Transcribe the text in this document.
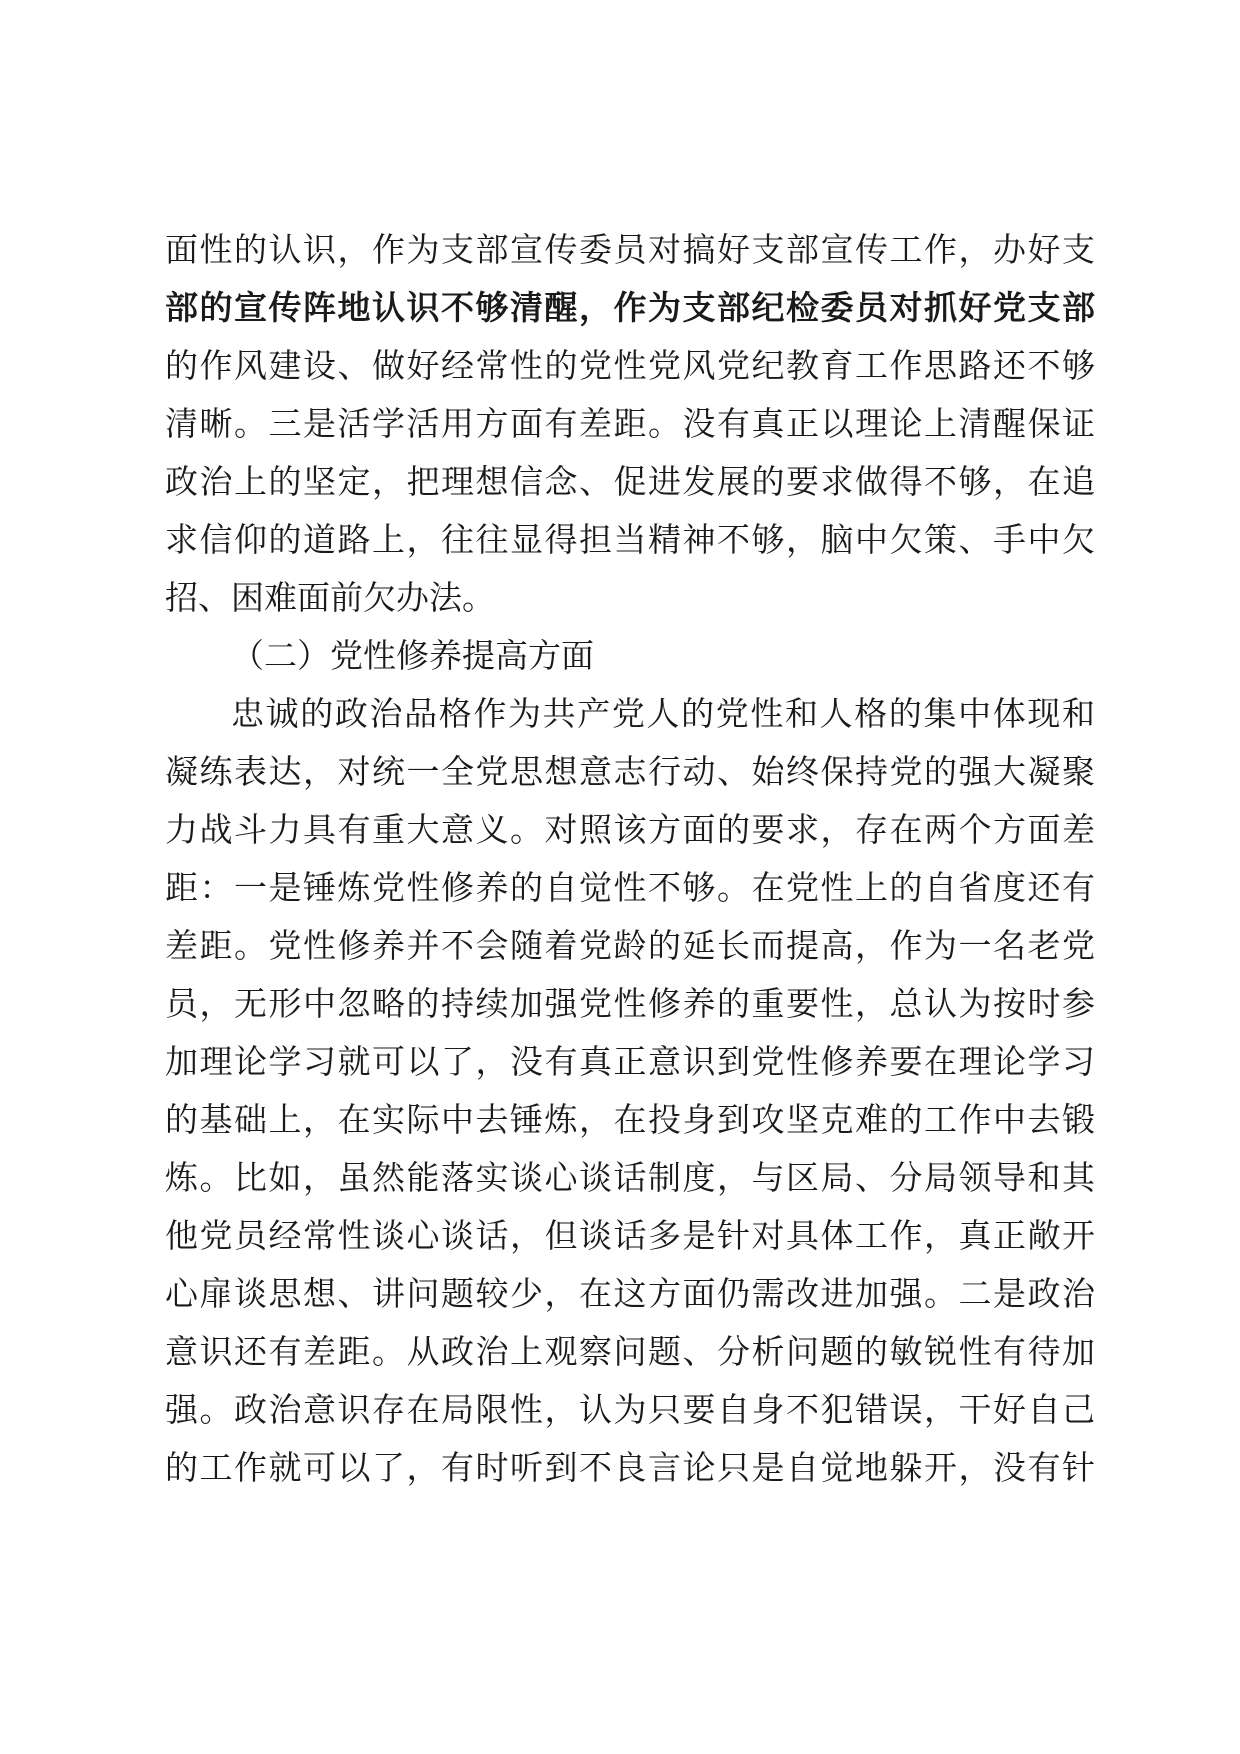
面性的认识，作为支部宣传委员对搞好支部宣传工作，办好支
部的宣传阵地认识不够清醒，作为支部纪检委员对抓好党支部
的作风建设、做好经常性的党性党风党纪教育工作思路还不够
清晰。三是活学活用方面有差距。没有真正以理论上清醒保证
政治上的坚定，把理想信念、促进发展的要求做得不够，在追
求信仰的道路上，往往显得担当精神不够，脑中欠策、手中欠
招、困难面前欠办法。
（二）党性修养提高方面
忠诚的政治品格作为共产党人的党性和人格的集中体现和
凝练表达，对统一全党思想意志行动、始终保持党的强大凝聚
力战斗力具有重大意义。对照该方面的要求，存在两个方面差
距：一是锤炼党性修养的自觉性不够。在党性上的自省度还有
差距。党性修养并不会随着党龄的延长而提高，作为一名老党
员，无形中忽略的持续加强党性修养的重要性，总认为按时参
加理论学习就可以了，没有真正意识到党性修养要在理论学习
的基础上，在实际中去锤炼，在投身到攻坚克难的工作中去锻
炼。比如，虽然能落实谈心谈话制度，与区局、分局领导和其
他党员经常性谈心谈话，但谈话多是针对具体工作，真正敞开
心扉谈思想、讲问题较少，在这方面仍需改进加强。二是政治
意识还有差距。从政治上观察问题、分析问题的敏锐性有待加
强。政治意识存在局限性，认为只要自身不犯错误，干好自己
的工作就可以了，有时听到不良言论只是自觉地躲开，没有针
